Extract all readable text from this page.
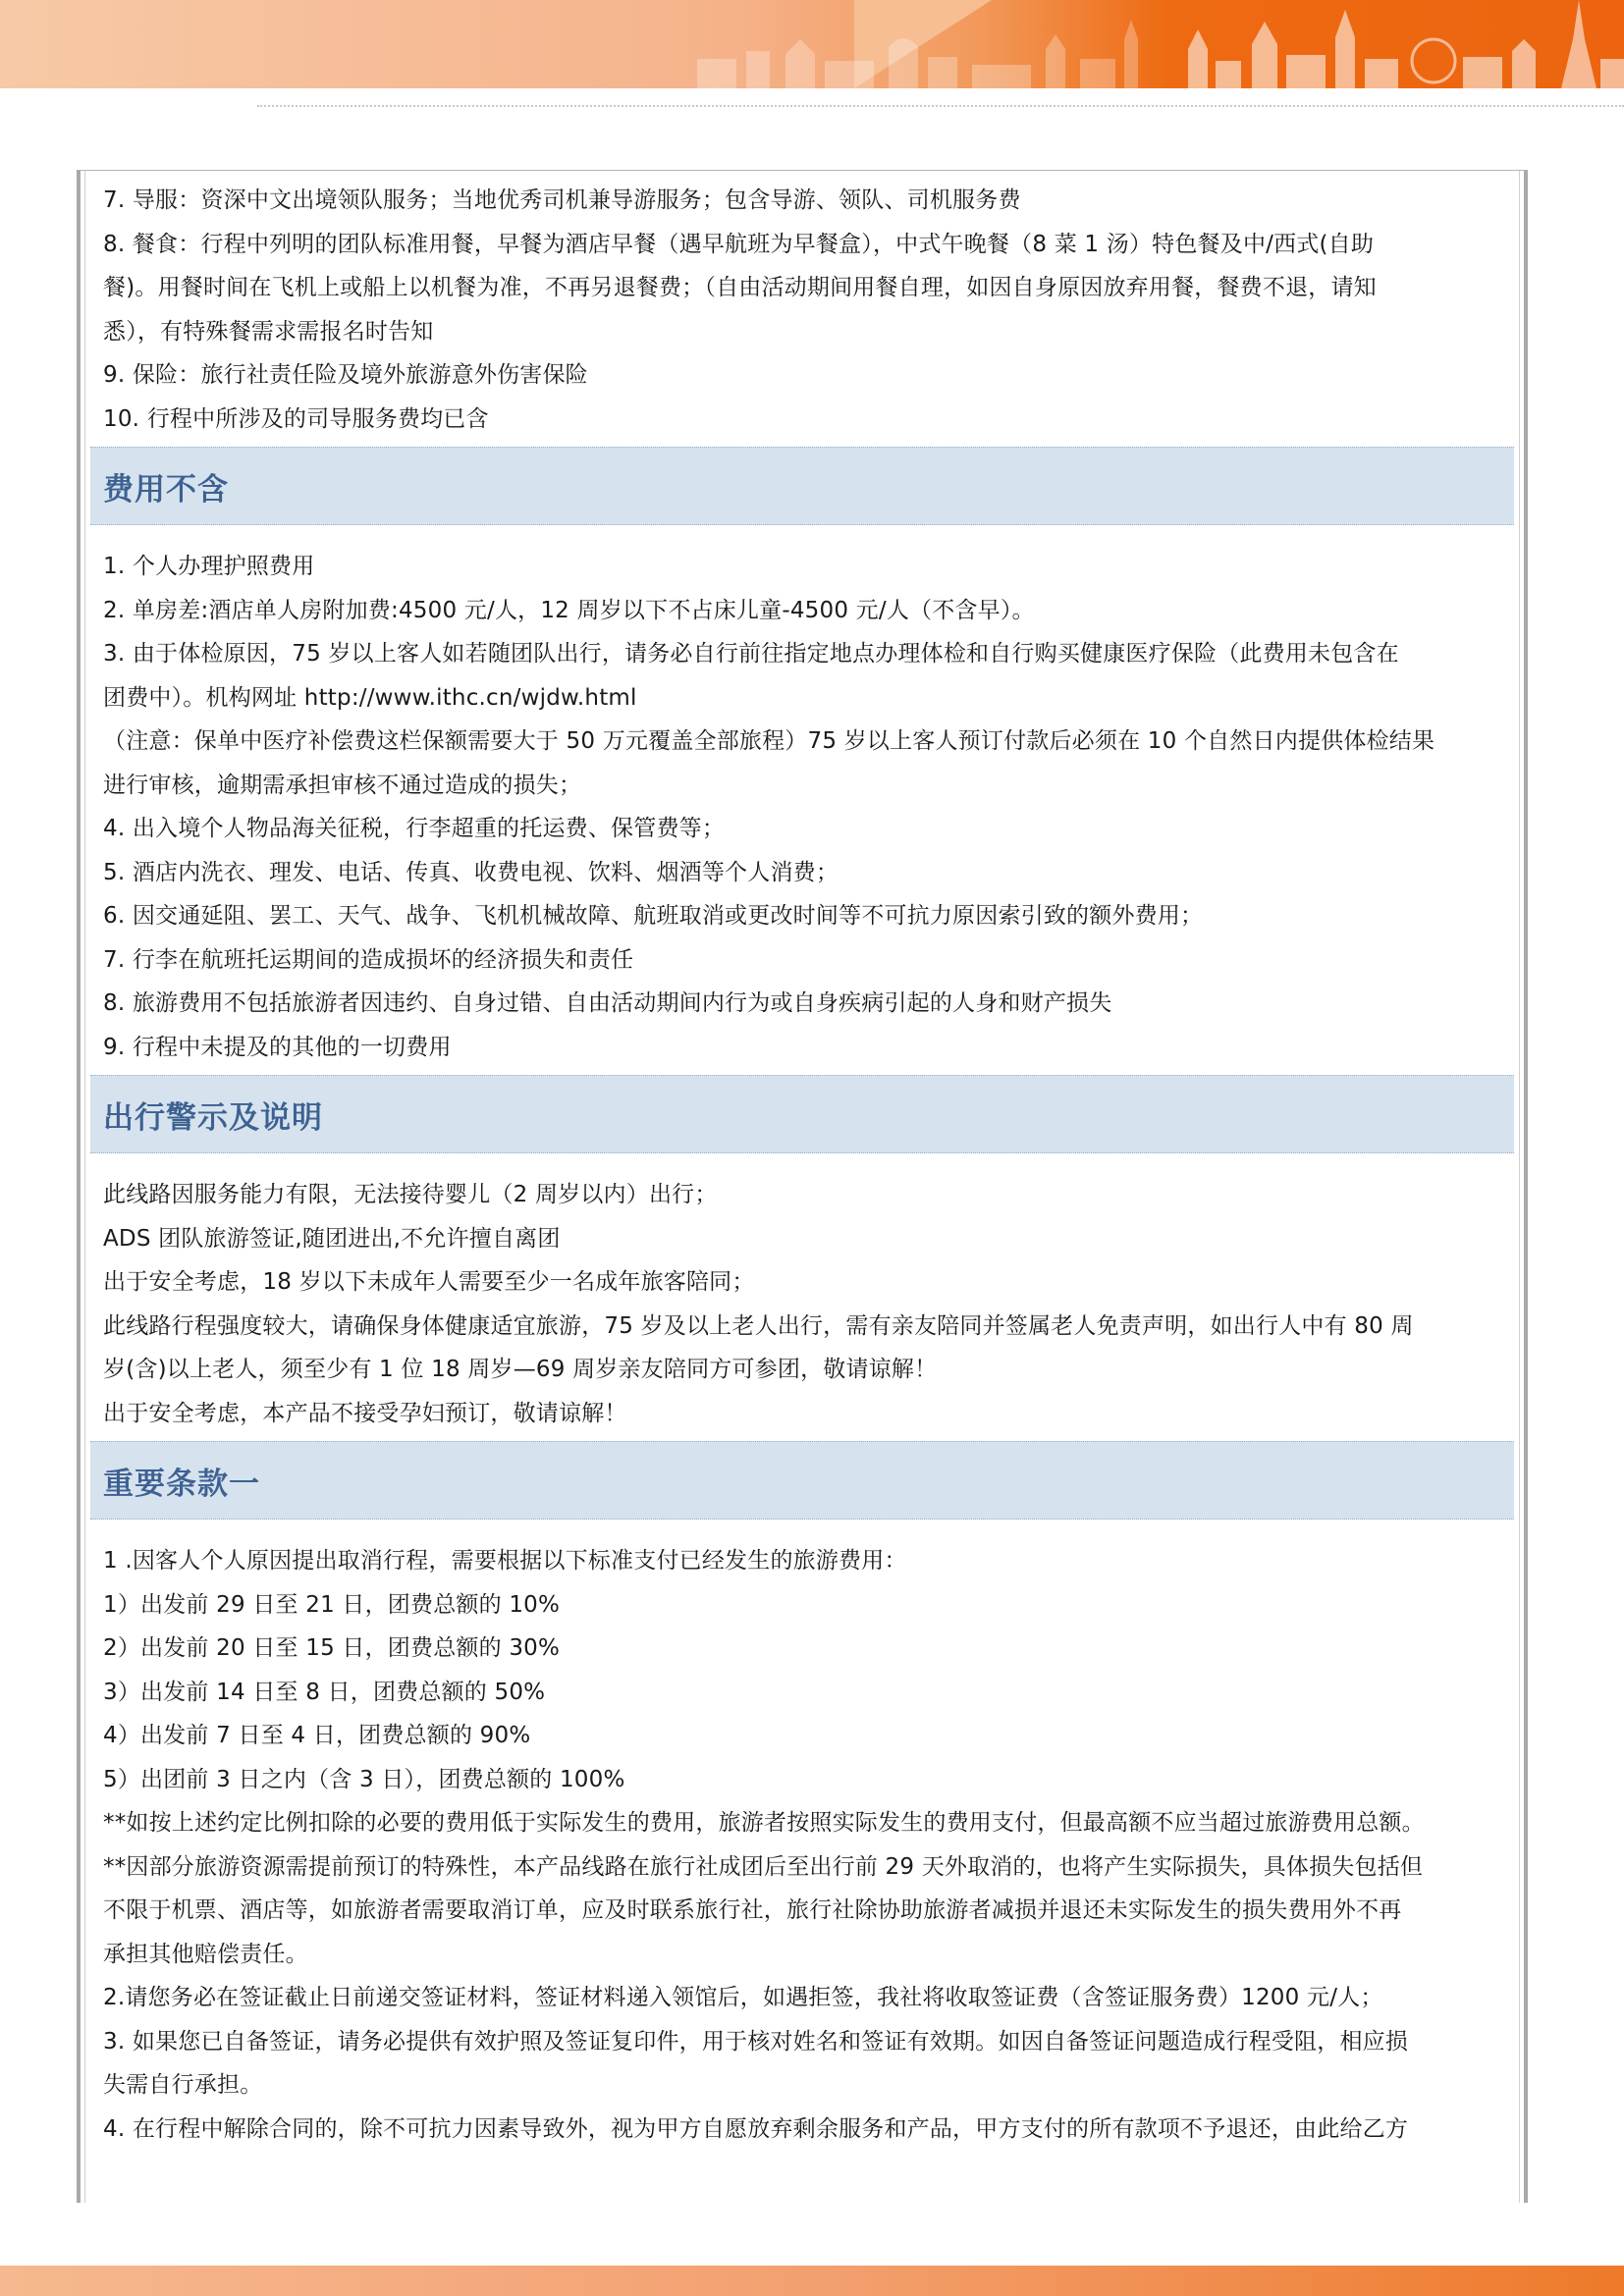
7. 导服：资深中文出境领队服务；当地优秀司机兼导游服务；包含导游、领队、司机服务费

8. 餐食：行程中列明的团队标准用餐，早餐为酒店早餐（遇早航班为早餐盒），中式午晚餐（8 菜 1 汤）特色餐及中/西式(自助

餐)。用餐时间在飞机上或船上以机餐为准，不再另退餐费；（自由活动期间用餐自理，如因自身原因放弃用餐，餐费不退，请知

悉），有特殊餐需求需报名时告知

9. 保险：旅行社责任险及境外旅游意外伤害保险

10. 行程中所涉及的司导服务费均已含

费用不含

1. 个人办理护照费用

2. 单房差:酒店单人房附加费:4500 元/人，12 周岁以下不占床儿童-4500 元/人（不含早）。

3. 由于体检原因，75 岁以上客人如若随团队出行，请务必自行前往指定地点办理体检和自行购买健康医疗保险（此费用未包含在

团费中）。机构网址 http://www.ithc.cn/wjdw.html

（注意：保单中医疗补偿费这栏保额需要大于 50 万元覆盖全部旅程）75 岁以上客人预订付款后必须在 10 个自然日内提供体检结果

进行审核，逾期需承担审核不通过造成的损失；

4. 出入境个人物品海关征税，行李超重的托运费、保管费等；

5. 酒店内洗衣、理发、电话、传真、收费电视、饮料、烟酒等个人消费；

6. 因交通延阻、罢工、天气、战争、飞机机械故障、航班取消或更改时间等不可抗力原因索引致的额外费用；

7. 行李在航班托运期间的造成损坏的经济损失和责任

8. 旅游费用不包括旅游者因违约、自身过错、自由活动期间内行为或自身疾病引起的人身和财产损失

9. 行程中未提及的其他的一切费用

出行警示及说明

此线路因服务能力有限，无法接待婴儿（2 周岁以内）出行；

ADS 团队旅游签证,随团进出,不允许擅自离团

出于安全考虑，18 岁以下未成年人需要至少一名成年旅客陪同；

此线路行程强度较大，请确保身体健康适宜旅游，75 岁及以上老人出行，需有亲友陪同并签属老人免责声明，如出行人中有 80 周

岁(含)以上老人，须至少有 1 位 18 周岁—69 周岁亲友陪同方可参团，敬请谅解！

出于安全考虑，本产品不接受孕妇预订，敬请谅解！

重要条款一

1 .因客人个人原因提出取消行程，需要根据以下标准支付已经发生的旅游费用：

1）出发前 29 日至 21 日，团费总额的 10%

2）出发前 20 日至 15 日，团费总额的 30%

3）出发前 14 日至 8 日，团费总额的 50%

4）出发前 7 日至 4 日，团费总额的 90%

5）出团前 3 日之内（含 3 日），团费总额的 100%

**如按上述约定比例扣除的必要的费用低于实际发生的费用，旅游者按照实际发生的费用支付，但最高额不应当超过旅游费用总额。

**因部分旅游资源需提前预订的特殊性，本产品线路在旅行社成团后至出行前 29 天外取消的，也将产生实际损失，具体损失包括但

不限于机票、酒店等，如旅游者需要取消订单，应及时联系旅行社，旅行社除协助旅游者减损并退还未实际发生的损失费用外不再

承担其他赔偿责任。

2.请您务必在签证截止日前递交签证材料，签证材料递入领馆后，如遇拒签，我社将收取签证费（含签证服务费）1200 元/人；

3. 如果您已自备签证，请务必提供有效护照及签证复印件，用于核对姓名和签证有效期。如因自备签证问题造成行程受阻，相应损

失需自行承担。

4. 在行程中解除合同的，除不可抗力因素导致外，视为甲方自愿放弃剩余服务和产品，甲方支付的所有款项不予退还，由此给乙方
